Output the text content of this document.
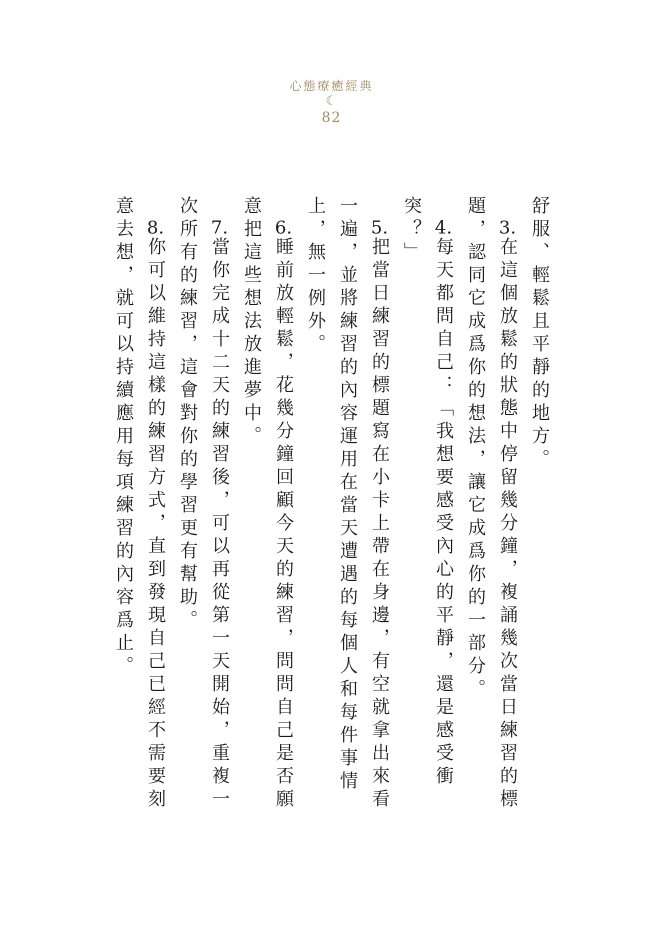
心態療癒經典
☾
82

舒服、輕鬆且平靜的地方。

3.在這個放鬆的狀態中停留幾分鐘，複誦幾次當日練習的標題，認同它成爲你的想法，讓它成爲你的一部分。

4.每天都問自己：「我想要感受內心的平靜，還是感受衝突？」

5.把當日練習的標題寫在小卡上帶在身邊，有空就拿出來看一遍，並將練習的內容運用在當天遭遇的每個人和每件事情上，無一例外。

6.睡前放輕鬆，花幾分鐘回顧今天的練習，問問自己是否願意把這些想法放進夢中。

7.當你完成十二天的練習後，可以再從第一天開始，重複一次所有的練習，這會對你的學習更有幫助。

8.你可以維持這樣的練習方式，直到發現自己已經不需要刻意去想，就可以持續應用每項練習的內容爲止。
